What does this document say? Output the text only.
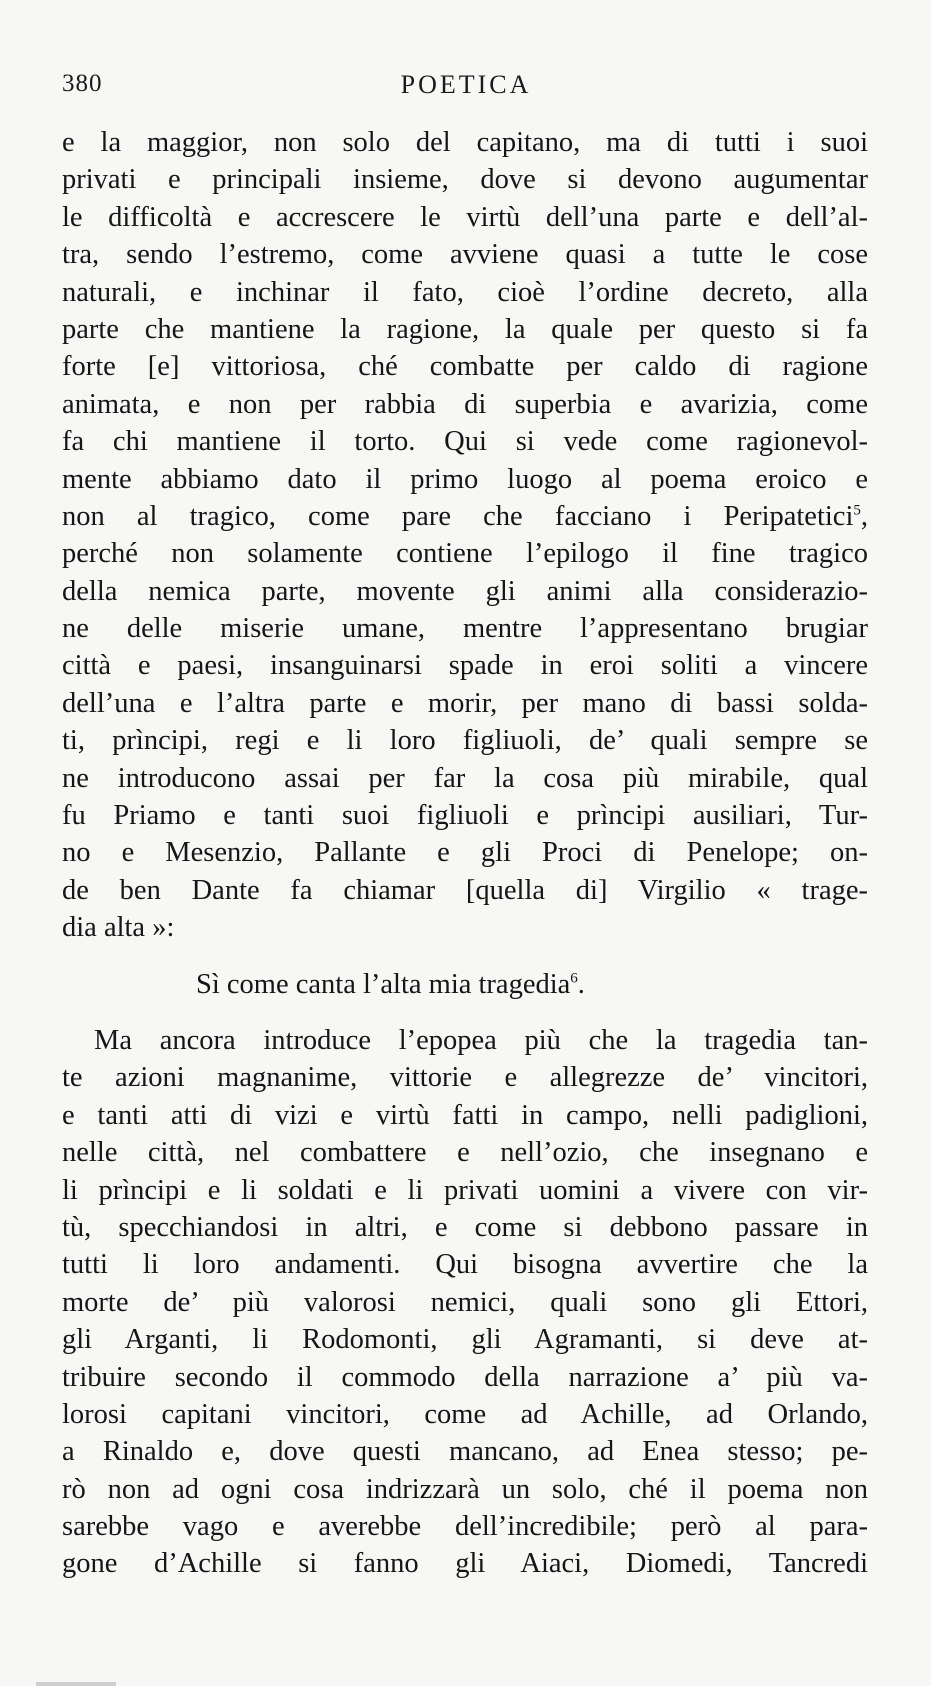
380	POETICA
e la maggior, non solo del capitano, ma di tutti i suoi
privati e principali insieme, dove si devono augumentar
le difficoltà e accrescere le virtù dell’una parte e dell’al-
tra, sendo l’estremo, come avviene quasi a tutte le cose
naturali, e inchinar il fato, cioè l’ordine decreto, alla
parte che mantiene la ragione, la quale per questo si fa
forte [e] vittoriosa, ché combatte per caldo di ragione
animata, e non per rabbia di superbia e avarizia, come
fa chi mantiene il torto. Qui si vede come ragionevol-
mente abbiamo dato il primo luogo al poema eroico e
non al tragico, come pare che facciano i Peripatetici$^5$,
perché non solamente contiene l’epilogo il fine tragico
della nemica parte, movente gli animi alla considerazio-
ne delle miserie umane, mentre l’appresentano brugiar
città e paesi, insanguinarsi spade in eroi soliti a vincere
dell’una e l’altra parte e morir, per mano di bassi solda-
ti, prìncipi, regi e li loro figliuoli, de’ quali sempre se
ne introducono assai per far la cosa più mirabile, qual
fu Priamo e tanti suoi figliuoli e prìncipi ausiliari, Tur-
no e Mesenzio, Pallante e gli Proci di Penelope; on-
de ben Dante fa chiamar [quella di] Virgilio « trage-
dia alta »:
Sì come canta l’alta mia tragedia$^6$.
Ma ancora introduce l’epopea più che la tragedia tan-
te azioni magnanime, vittorie e allegrezze de’ vincitori,
e tanti atti di vizi e virtù fatti in campo, nelli padiglioni,
nelle città, nel combattere e nell’ozio, che insegnano e
li prìncipi e li soldati e li privati uomini a vivere con vir-
tù, specchiandosi in altri, e come si debbono passare in
tutti li loro andamenti. Qui bisogna avvertire che la
morte de’ più valorosi nemici, quali sono gli Ettori,
gli Arganti, li Rodomonti, gli Agramanti, si deve at-
tribuire secondo il commodo della narrazione a’ più va-
lorosi capitani vincitori, come ad Achille, ad Orlando,
a Rinaldo e, dove questi mancano, ad Enea stesso; pe-
rò non ad ogni cosa indrizzarà un solo, ché il poema non
sarebbe vago e averebbe dell’incredibile; però al para-
gone d’Achille si fanno gli Aiaci, Diomedi, Tancredi
